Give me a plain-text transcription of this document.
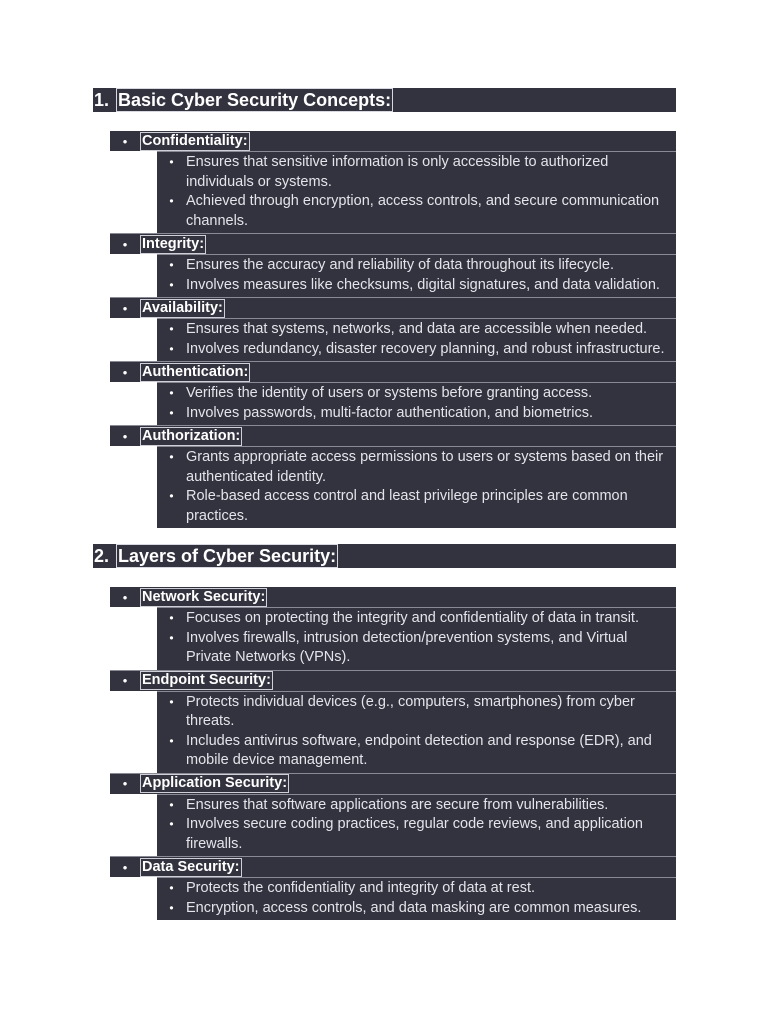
1. Basic Cyber Security Concepts:
•	Confidentiality:
• Ensures that sensitive information is only accessible to authorized individuals or systems.
• Achieved through encryption, access controls, and secure communication channels.
•	Integrity:
• Ensures the accuracy and reliability of data throughout its lifecycle.
• Involves measures like checksums, digital signatures, and data validation.
•	Availability:
• Ensures that systems, networks, and data are accessible when needed.
• Involves redundancy, disaster recovery planning, and robust infrastructure.
•	Authentication:
• Verifies the identity of users or systems before granting access.
• Involves passwords, multi-factor authentication, and biometrics.
•	Authorization:
• Grants appropriate access permissions to users or systems based on their authenticated identity.
• Role-based access control and least privilege principles are common practices.
2. Layers of Cyber Security:
•	Network Security:
• Focuses on protecting the integrity and confidentiality of data in transit.
• Involves firewalls, intrusion detection/prevention systems, and Virtual Private Networks (VPNs).
•	Endpoint Security:
• Protects individual devices (e.g., computers, smartphones) from cyber threats.
• Includes antivirus software, endpoint detection and response (EDR), and mobile device management.
•	Application Security:
• Ensures that software applications are secure from vulnerabilities.
• Involves secure coding practices, regular code reviews, and application firewalls.
•	Data Security:
• Protects the confidentiality and integrity of data at rest.
• Encryption, access controls, and data masking are common measures.
